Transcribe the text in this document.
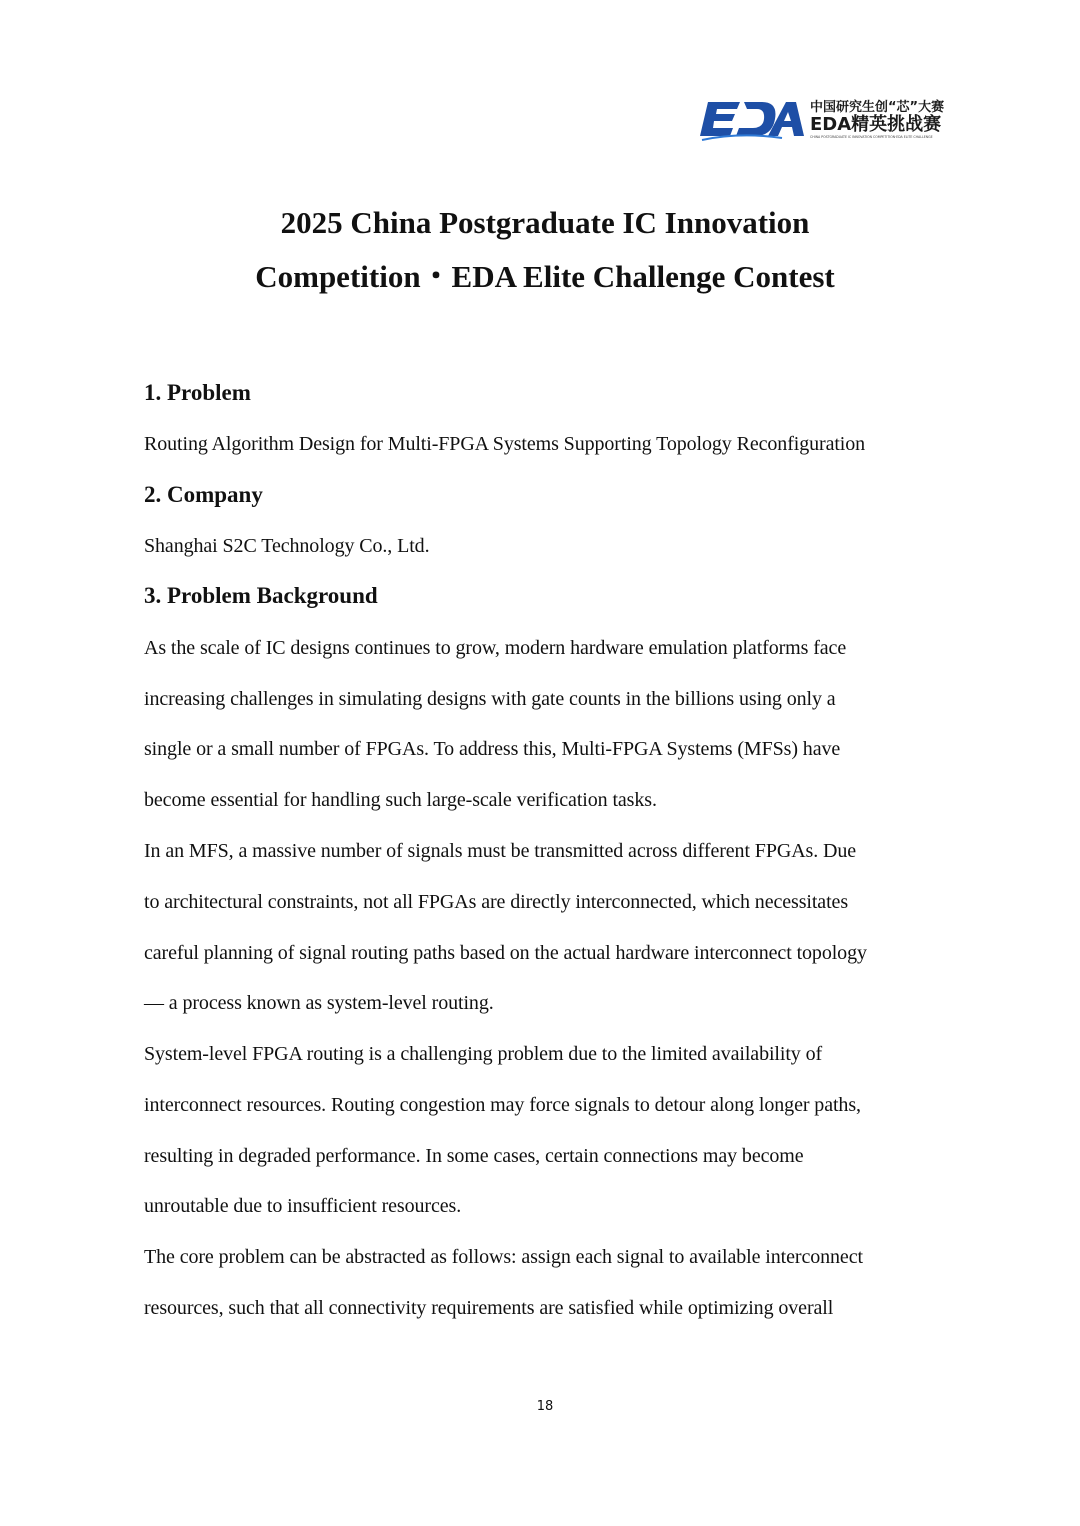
中国研究生创“芯”大赛
EDA精英挑战赛
CHINA POSTGRADUATE IC INNOVATION COMPETITION·EDA ELITE CHALLENGE
2025 China Postgraduate IC Innovation
Competition・EDA Elite Challenge Contest
1. Problem
Routing Algorithm Design for Multi-FPGA Systems Supporting Topology Reconfiguration
2. Company
Shanghai S2C Technology Co., Ltd.
3. Problem Background
As the scale of IC designs continues to grow, modern hardware emulation platforms face
increasing challenges in simulating designs with gate counts in the billions using only a
single or a small number of FPGAs. To address this, Multi-FPGA Systems (MFSs) have
become essential for handling such large-scale verification tasks.
In an MFS, a massive number of signals must be transmitted across different FPGAs. Due
to architectural constraints, not all FPGAs are directly interconnected, which necessitates
careful planning of signal routing paths based on the actual hardware interconnect topology
— a process known as system-level routing.
System-level FPGA routing is a challenging problem due to the limited availability of
interconnect resources. Routing congestion may force signals to detour along longer paths,
resulting in degraded performance. In some cases, certain connections may become
unroutable due to insufficient resources.
The core problem can be abstracted as follows: assign each signal to available interconnect
resources, such that all connectivity requirements are satisfied while optimizing overall
18
